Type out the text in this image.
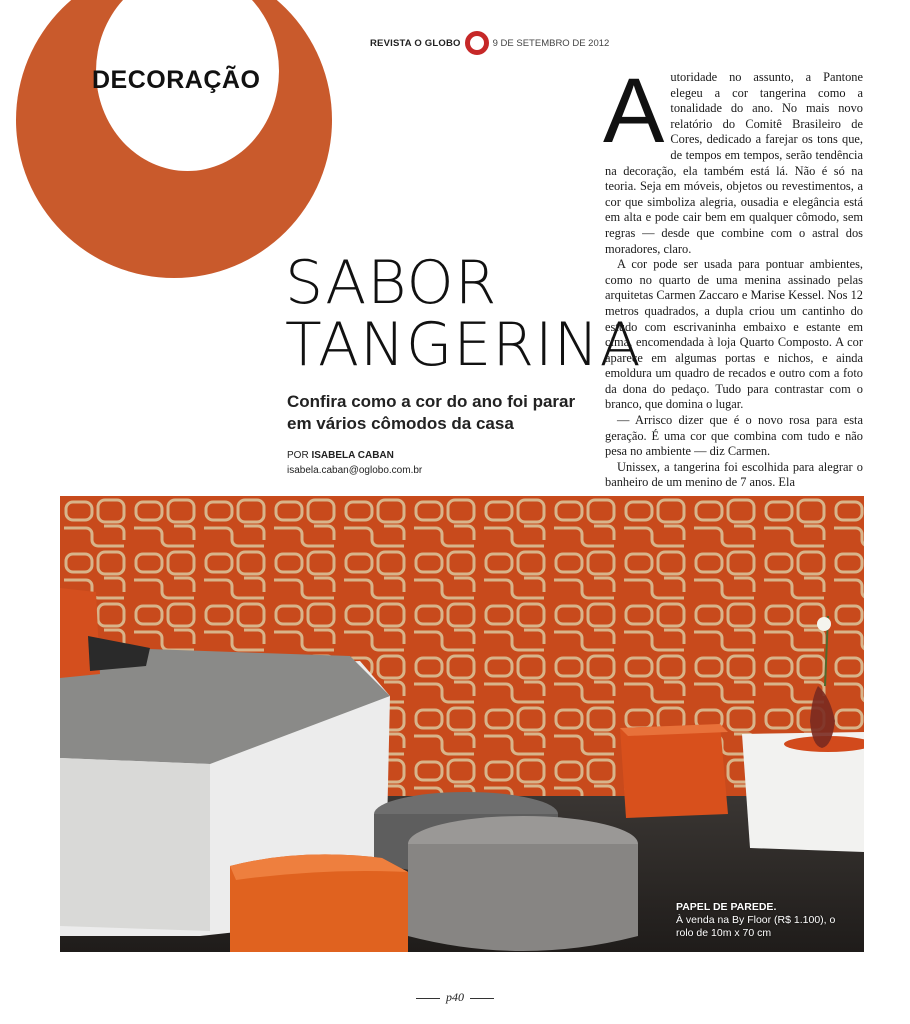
DECORAÇÃO
REVISTA O GLOBO	9 DE SETEMBRO DE 2012
SABOR
TANGERINA
Confira como a cor do ano foi parar em vários cômodos da casa
POR ISABELA CABAN
isabela.caban@oglobo.com.br

Autoridade no assunto, a Pantone elegeu a cor tangerina como a tonalidade do ano. No mais novo relatório do Comitê Brasileiro de Cores, dedicado a farejar os tons que, de tempos em tempos, serão tendência na decoração, ela também está lá. Não é só na teoria. Seja em móveis, objetos ou revestimentos, a cor que simboliza alegria, ousadia e elegância está em alta e pode cair bem em qualquer cômodo, sem regras — desde que combine com o astral dos moradores, claro.

A cor pode ser usada para pontuar ambientes, como no quarto de uma menina assinado pelas arquitetas Carmen Zaccaro e Marise Kessel. Nos 12 metros quadrados, a dupla criou um cantinho do estudo com escrivaninha embaixo e estante em cima, encomendada à loja Quarto Composto. A cor aparece em algumas portas e nichos, e ainda emoldura um quadro de recados e outro com a foto da dona do pedaço. Tudo para contrastar com o branco, que domina o lugar.

— Arrisco dizer que é o novo rosa para esta geração. É uma cor que combina com tudo e não pesa no ambiente — diz Carmen.

Unissex, a tangerina foi escolhida para alegrar o banheiro de um menino de 7 anos. Ela

PAPEL DE PAREDE.
À venda na By Floor (R$ 1.100), o rolo de 10m x 70 cm
p40
